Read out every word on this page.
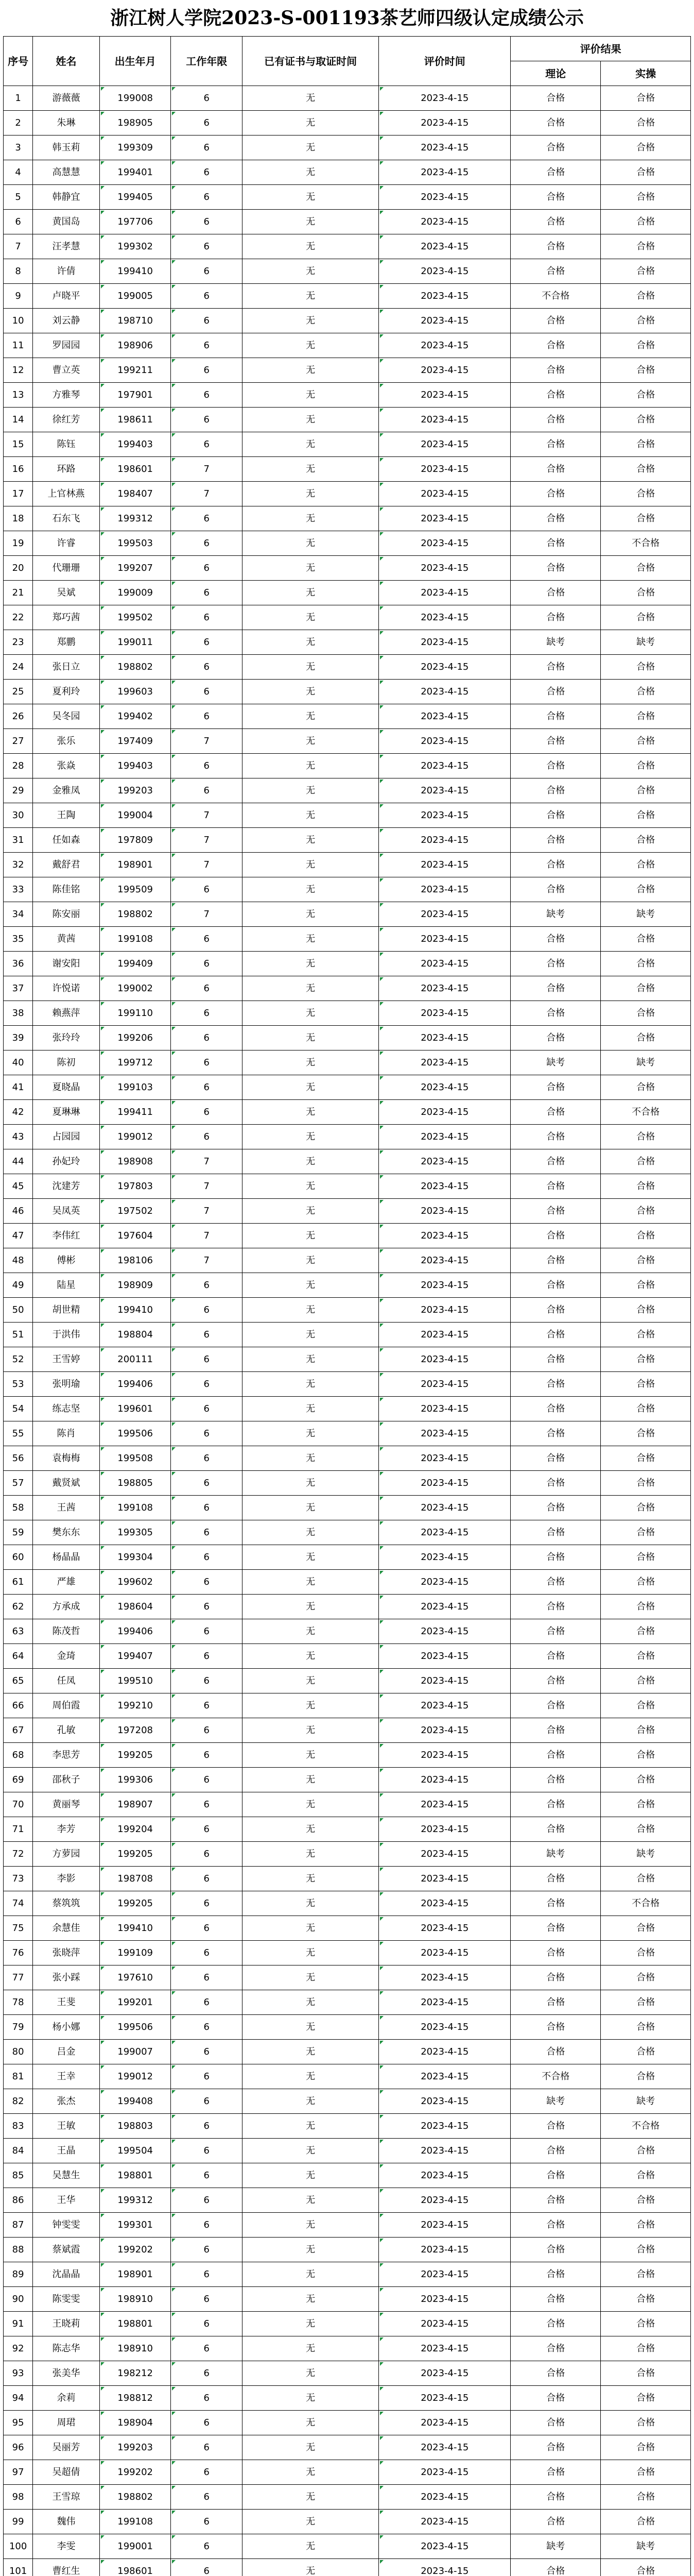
浙江树人学院2023-S-001193茶艺师四级认定成绩公示
序号	姓名	出生年月	工作年限	已有证书与取证时间	评价时间	评价结果	
						理论	实操
1	游薇薇	199008	6	无	2023-4-15	合格	合格
2	朱琳	198905	6	无	2023-4-15	合格	合格
3	韩玉莉	199309	6	无	2023-4-15	合格	合格
4	高慧慧	199401	6	无	2023-4-15	合格	合格
5	韩静宜	199405	6	无	2023-4-15	合格	合格
6	黄国岛	197706	6	无	2023-4-15	合格	合格
7	汪孝慧	199302	6	无	2023-4-15	合格	合格
8	许倩	199410	6	无	2023-4-15	合格	合格
9	卢晓平	199005	6	无	2023-4-15	不合格	合格
10	刘云静	198710	6	无	2023-4-15	合格	合格
11	罗园园	198906	6	无	2023-4-15	合格	合格
12	曹立英	199211	6	无	2023-4-15	合格	合格
13	方雅琴	197901	6	无	2023-4-15	合格	合格
14	徐红芳	198611	6	无	2023-4-15	合格	合格
15	陈钰	199403	6	无	2023-4-15	合格	合格
16	环路	198601	7	无	2023-4-15	合格	合格
17	上官林燕	198407	7	无	2023-4-15	合格	合格
18	石东飞	199312	6	无	2023-4-15	合格	合格
19	许睿	199503	6	无	2023-4-15	合格	不合格
20	代珊珊	199207	6	无	2023-4-15	合格	合格
21	吴斌	199009	6	无	2023-4-15	合格	合格
22	郑巧茜	199502	6	无	2023-4-15	合格	合格
23	郑鹏	199011	6	无	2023-4-15	缺考	缺考
24	张日立	198802	6	无	2023-4-15	合格	合格
25	夏利玲	199603	6	无	2023-4-15	合格	合格
26	吴冬园	199402	6	无	2023-4-15	合格	合格
27	张乐	197409	7	无	2023-4-15	合格	合格
28	张焱	199403	6	无	2023-4-15	合格	合格
29	金雅凤	199203	6	无	2023-4-15	合格	合格
30	王陶	199004	7	无	2023-4-15	合格	合格
31	任如森	197809	7	无	2023-4-15	合格	合格
32	戴舒君	198901	7	无	2023-4-15	合格	合格
33	陈佳铭	199509	6	无	2023-4-15	合格	合格
34	陈安丽	198802	7	无	2023-4-15	缺考	缺考
35	黄茜	199108	6	无	2023-4-15	合格	合格
36	谢安阳	199409	6	无	2023-4-15	合格	合格
37	许悦诺	199002	6	无	2023-4-15	合格	合格
38	赖燕萍	199110	6	无	2023-4-15	合格	合格
39	张玲玲	199206	6	无	2023-4-15	合格	合格
40	陈初	199712	6	无	2023-4-15	缺考	缺考
41	夏晓晶	199103	6	无	2023-4-15	合格	合格
42	夏琳琳	199411	6	无	2023-4-15	合格	不合格
43	占园园	199012	6	无	2023-4-15	合格	合格
44	孙妃玲	198908	7	无	2023-4-15	合格	合格
45	沈建芳	197803	7	无	2023-4-15	合格	合格
46	吴凤英	197502	7	无	2023-4-15	合格	合格
47	李伟红	197604	7	无	2023-4-15	合格	合格
48	傅彬	198106	7	无	2023-4-15	合格	合格
49	陆星	198909	6	无	2023-4-15	合格	合格
50	胡世精	199410	6	无	2023-4-15	合格	合格
51	于洪伟	198804	6	无	2023-4-15	合格	合格
52	王雪婷	200111	6	无	2023-4-15	合格	合格
53	张明瑜	199406	6	无	2023-4-15	合格	合格
54	练志坚	199601	6	无	2023-4-15	合格	合格
55	陈肖	199506	6	无	2023-4-15	合格	合格
56	袁梅梅	199508	6	无	2023-4-15	合格	合格
57	戴贤斌	198805	6	无	2023-4-15	合格	合格
58	王茜	199108	6	无	2023-4-15	合格	合格
59	樊东东	199305	6	无	2023-4-15	合格	合格
60	杨晶晶	199304	6	无	2023-4-15	合格	合格
61	严雄	199602	6	无	2023-4-15	合格	合格
62	方承成	198604	6	无	2023-4-15	合格	合格
63	陈茂哲	199406	6	无	2023-4-15	合格	合格
64	金琦	199407	6	无	2023-4-15	合格	合格
65	任凤	199510	6	无	2023-4-15	合格	合格
66	周伯霞	199210	6	无	2023-4-15	合格	合格
67	孔敏	197208	6	无	2023-4-15	合格	合格
68	李思芳	199205	6	无	2023-4-15	合格	合格
69	邵秋子	199306	6	无	2023-4-15	合格	合格
70	黄丽琴	198907	6	无	2023-4-15	合格	合格
71	李芳	199204	6	无	2023-4-15	合格	合格
72	方萝园	199205	6	无	2023-4-15	缺考	缺考
73	李影	198708	6	无	2023-4-15	合格	合格
74	蔡筑筑	199205	6	无	2023-4-15	合格	不合格
75	余慧佳	199410	6	无	2023-4-15	合格	合格
76	张晓萍	199109	6	无	2023-4-15	合格	合格
77	张小踩	197610	6	无	2023-4-15	合格	合格
78	王斐	199201	6	无	2023-4-15	合格	合格
79	杨小娜	199506	6	无	2023-4-15	合格	合格
80	吕金	199007	6	无	2023-4-15	合格	合格
81	王幸	199012	6	无	2023-4-15	不合格	合格
82	张杰	199408	6	无	2023-4-15	缺考	缺考
83	王敏	198803	6	无	2023-4-15	合格	不合格
84	王晶	199504	6	无	2023-4-15	合格	合格
85	吴慧生	198801	6	无	2023-4-15	合格	合格
86	王华	199312	6	无	2023-4-15	合格	合格
87	钟雯雯	199301	6	无	2023-4-15	合格	合格
88	蔡斌霞	199202	6	无	2023-4-15	合格	合格
89	沈晶晶	198901	6	无	2023-4-15	合格	合格
90	陈雯雯	198910	6	无	2023-4-15	合格	合格
91	王晓莉	198801	6	无	2023-4-15	合格	合格
92	陈志华	198910	6	无	2023-4-15	合格	合格
93	张美华	198212	6	无	2023-4-15	合格	合格
94	余莉	198812	6	无	2023-4-15	合格	合格
95	周珺	198904	6	无	2023-4-15	合格	合格
96	吴丽芳	199203	6	无	2023-4-15	合格	合格
97	吴超倩	199202	6	无	2023-4-15	合格	合格
98	王雪琼	198802	6	无	2023-4-15	合格	合格
99	魏伟	199108	6	无	2023-4-15	合格	合格
100	李雯	199001	6	无	2023-4-15	缺考	缺考
101	曹红生	198601	6	无	2023-4-15	合格	合格
